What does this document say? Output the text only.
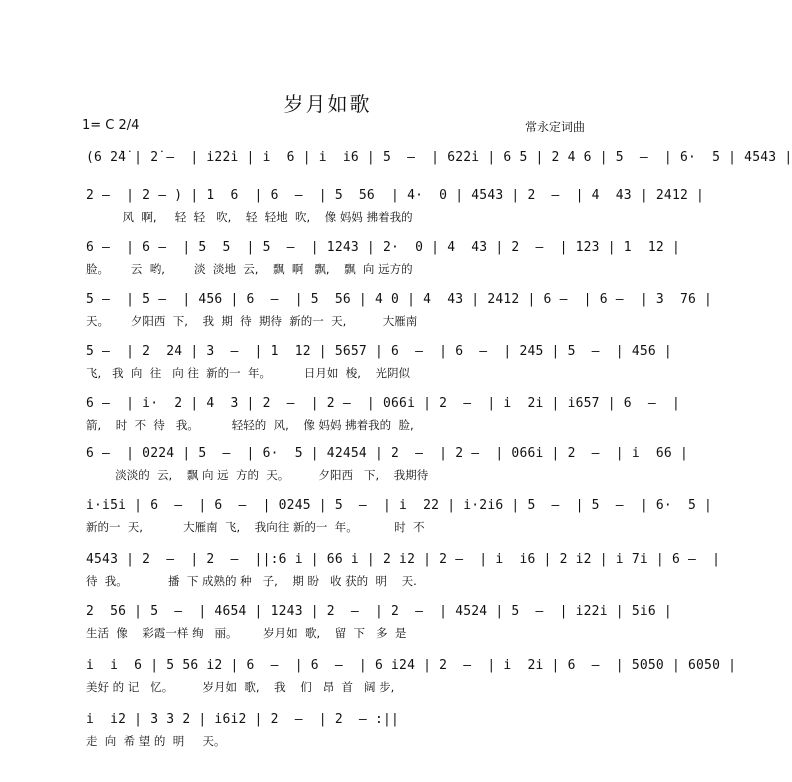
岁月如歌
1= C 2/4	常永定词曲
(6 2̇4̇ | 2̇ —  | i2̇2̇i | i  6 | i  i6 | 5  —  | 62̇2̇i | 6 5 | 2 4 6 | 5  —  | 6·  5 | 4543 |
2 —  | 2 — ) | 1  6  | 6  —  | 5  56  | 4·  0 | 4543 | 2  —  | 4  43 | 2412 |
风  啊,     轻  轻   吹,    轻  轻地  吹,    像 妈妈 拂着我的
6 —  | 6 —  | 5  5  | 5  —  | 1243 | 2·  0 | 4  43 | 2  —  | 123 | 1  12 |
脸。      云  哟,        淡  淡地  云,    飘  啊   飘,    飘  向 远方的
5 —  | 5 —  | 456 | 6  —  | 5  56 | 4 0 | 4  43 | 2412 | 6 —  | 6 —  | 3  76 |
天。      夕阳西  下,    我  期  待  期待  新的一  天,          大雁南
5 —  | 2  24 | 3  —  | 1  12 | 5657 | 6  —  | 6  —  | 245 | 5  —  | 456 |
飞,   我  向  往   向 往  新的一  年。         日月如  梭,    光阴似
6 —  | i·  2 | 4  3 | 2  —  | 2 —  | 066i | 2  —  | i  2i | i657 | 6  —  |
箭,    时  不  待   我。         轻轻的  风,    像 妈妈 拂着我的  脸,
6 —  | 0224 | 5  —  | 6·  5 | 42454 | 2  —  | 2 —  | 066i | 2  —  | i  66 |
淡淡的  云,    飘 向 远  方的  天。        夕阳西   下,    我期待
i·i5i | 6  —  | 6  —  | 0245 | 5  —  | i  22 | i·2i6 | 5  —  | 5  —  | 6·  5 |
新的一  天,           大雁南  飞,    我向往 新的一  年。          时  不
4543 | 2  —  | 2  —  ||:6 i | 66 i | 2 i2 | 2 —  | i  i6 | 2 i2 | i 7i | 6 —  |
待  我。           播  下 成熟的 种   子,    期 盼   收 获的  明    天.
2  56 | 5  —  | 4654 | 1243 | 2  —  | 2  —  | 4524 | 5  —  | i22i | 5i6 |
生活  像    彩霞一样 绚   丽。       岁月如  歌,    留  下   多  是
i  i  6 | 5 56 i2 | 6  —  | 6  —  | 6 i24 | 2  —  | i  2i | 6  —  | 5050 | 6050 |
美好 的 记   忆。        岁月如  歌,    我    们   昂  首   阔 步,
i  i2 | 3 3 2 | i6i2 | 2  —  | 2  — :||
走  向  希 望 的  明     天。
